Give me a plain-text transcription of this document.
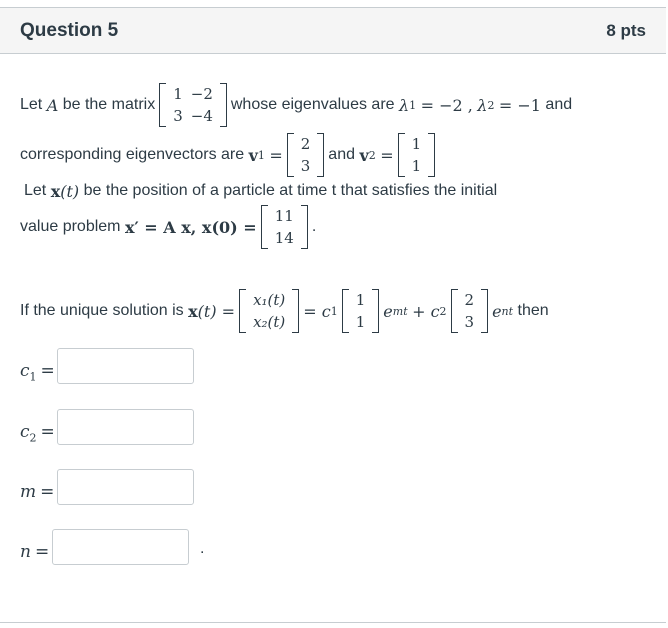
Question 5	8 pts
Let
A
be the matrix
1 −2
3 −4
whose eigenvalues are
λ 1
= −2 ,
λ 2
= −1
and
corresponding eigenvectors are
v 1
=
2
3
and
v 2
=
1
1
Let
x (t)
be the position of a particle at time t that satisfies the initial
value problem
x′ = A x, x(0) =
11
14
.
If the unique solution is
x (t) =
x₁(t)
x₂(t)
= c 1
1
1
e mt
+ c 2
2
3
e nt
then
$c_1$ =
$c_2$ =
m =
n =	.
